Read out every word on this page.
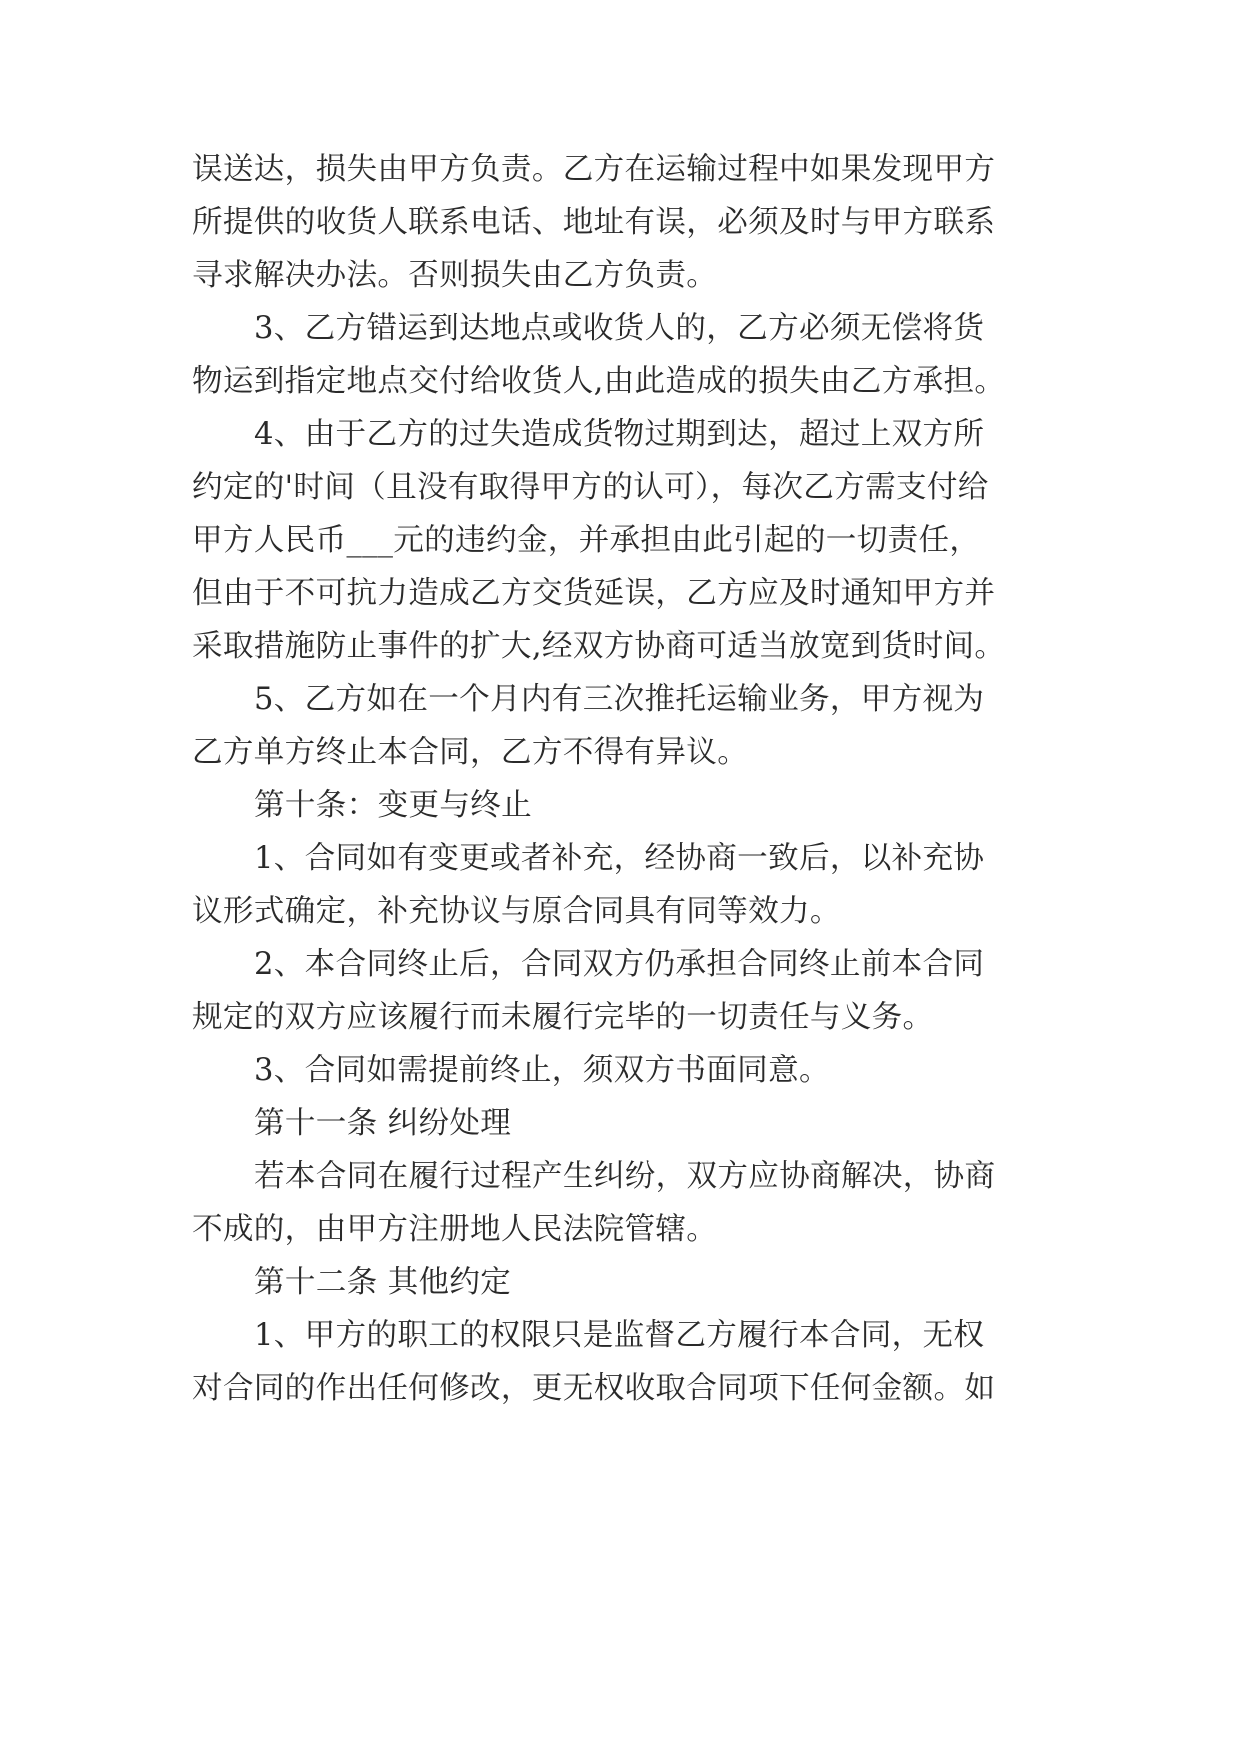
误送达，损失由甲方负责。乙方在运输过程中如果发现甲方
所提供的收货人联系电话、地址有误，必须及时与甲方联系
寻求解决办法。否则损失由乙方负责。
3、乙方错运到达地点或收货人的，乙方必须无偿将货
物运到指定地点交付给收货人,由此造成的损失由乙方承担。
4、由于乙方的过失造成货物过期到达，超过上双方所
约定的'时间（且没有取得甲方的认可），每次乙方需支付给
甲方人民币___元的违约金，并承担由此引起的一切责任，
但由于不可抗力造成乙方交货延误，乙方应及时通知甲方并
采取措施防止事件的扩大,经双方协商可适当放宽到货时间。
5、乙方如在一个月内有三次推托运输业务，甲方视为
乙方单方终止本合同，乙方不得有异议。
第十条：变更与终止
1、合同如有变更或者补充，经协商一致后，以补充协
议形式确定，补充协议与原合同具有同等效力。
2、本合同终止后，合同双方仍承担合同终止前本合同
规定的双方应该履行而未履行完毕的一切责任与义务。
3、合同如需提前终止，须双方书面同意。
第十一条 纠纷处理
若本合同在履行过程产生纠纷，双方应协商解决，协商
不成的，由甲方注册地人民法院管辖。
第十二条 其他约定
1、甲方的职工的权限只是监督乙方履行本合同，无权
对合同的作出任何修改，更无权收取合同项下任何金额。如
